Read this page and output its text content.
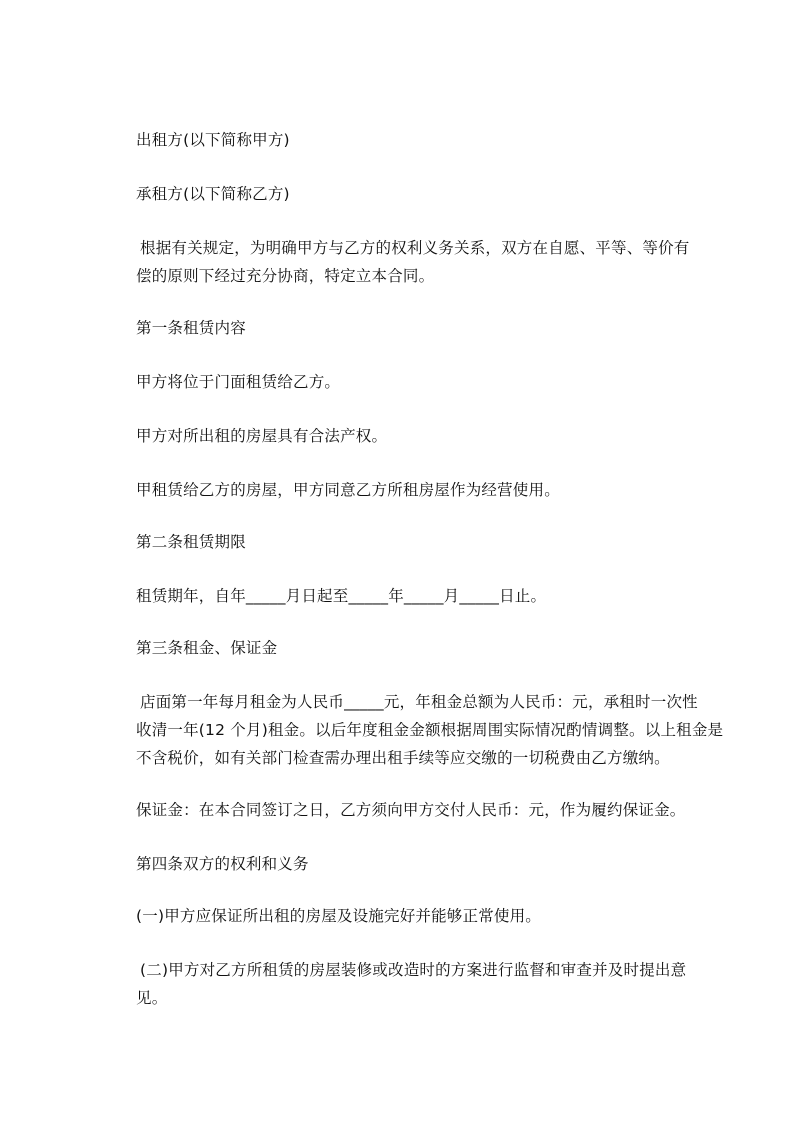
出租方(以下简称甲方)

承租方(以下简称乙方)

根据有关规定，为明确甲方与乙方的权利义务关系，双方在自愿、平等、等价有

偿的原则下经过充分协商，特定立本合同。

第一条租赁内容

甲方将位于门面租赁给乙方。

甲方对所出租的房屋具有合法产权。

甲租赁给乙方的房屋，甲方同意乙方所租房屋作为经营使用。

第二条租赁期限

租赁期年，自年_____月日起至_____年_____月_____日止。

第三条租金、保证金

店面第一年每月租金为人民币_____元，年租金总额为人民币：元，承租时一次性

收清一年(12 个月)租金。以后年度租金金额根据周围实际情况酌情调整。以上租金是

不含税价，如有关部门检查需办理出租手续等应交缴的一切税费由乙方缴纳。

保证金：在本合同签订之日，乙方须向甲方交付人民币：元，作为履约保证金。

第四条双方的权利和义务

(一)甲方应保证所出租的房屋及设施完好并能够正常使用。

(二)甲方对乙方所租赁的房屋装修或改造时的方案进行监督和审查并及时提出意

见。
